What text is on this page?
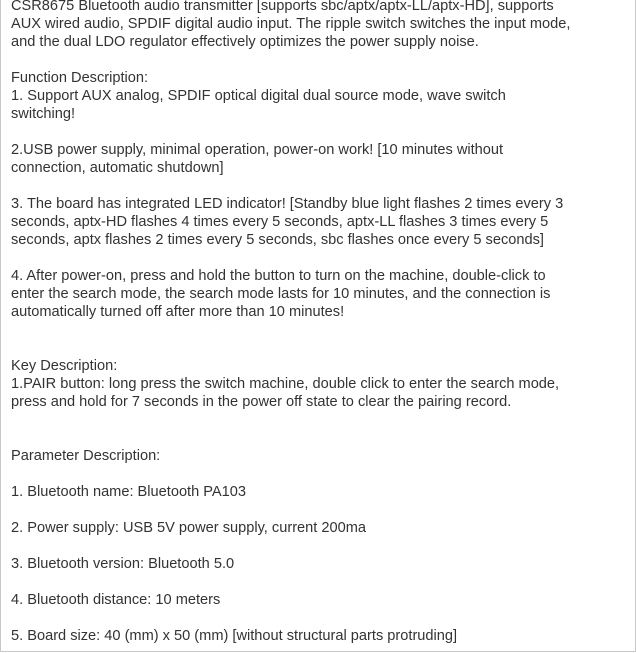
CSR8675 Bluetooth audio transmitter [supports sbc/aptx/aptx-LL/aptx-HD], supports
AUX wired audio, SPDIF digital audio input. The ripple switch switches the input mode,
and the dual LDO regulator effectively optimizes the power supply noise.
Function Description:
1. Support AUX analog, SPDIF optical digital dual source mode, wave switch
switching!
2.USB power supply, minimal operation, power-on work! [10 minutes without
connection, automatic shutdown]
3. The board has integrated LED indicator! [Standby blue light flashes 2 times every 3
seconds, aptx-HD flashes 4 times every 5 seconds, aptx-LL flashes 3 times every 5
seconds, aptx flashes 2 times every 5 seconds, sbc flashes once every 5 seconds]
4. After power-on, press and hold the button to turn on the machine, double-click to
enter the search mode, the search mode lasts for 10 minutes, and the connection is
automatically turned off after more than 10 minutes!
Key Description:
1.PAIR button: long press the switch machine, double click to enter the search mode,
press and hold for 7 seconds in the power off state to clear the pairing record.
Parameter Description:
1. Bluetooth name: Bluetooth PA103
2. Power supply: USB 5V power supply, current 200ma
3. Bluetooth version: Bluetooth 5.0
4. Bluetooth distance: 10 meters
5. Board size: 40 (mm) x 50 (mm) [without structural parts protruding]
